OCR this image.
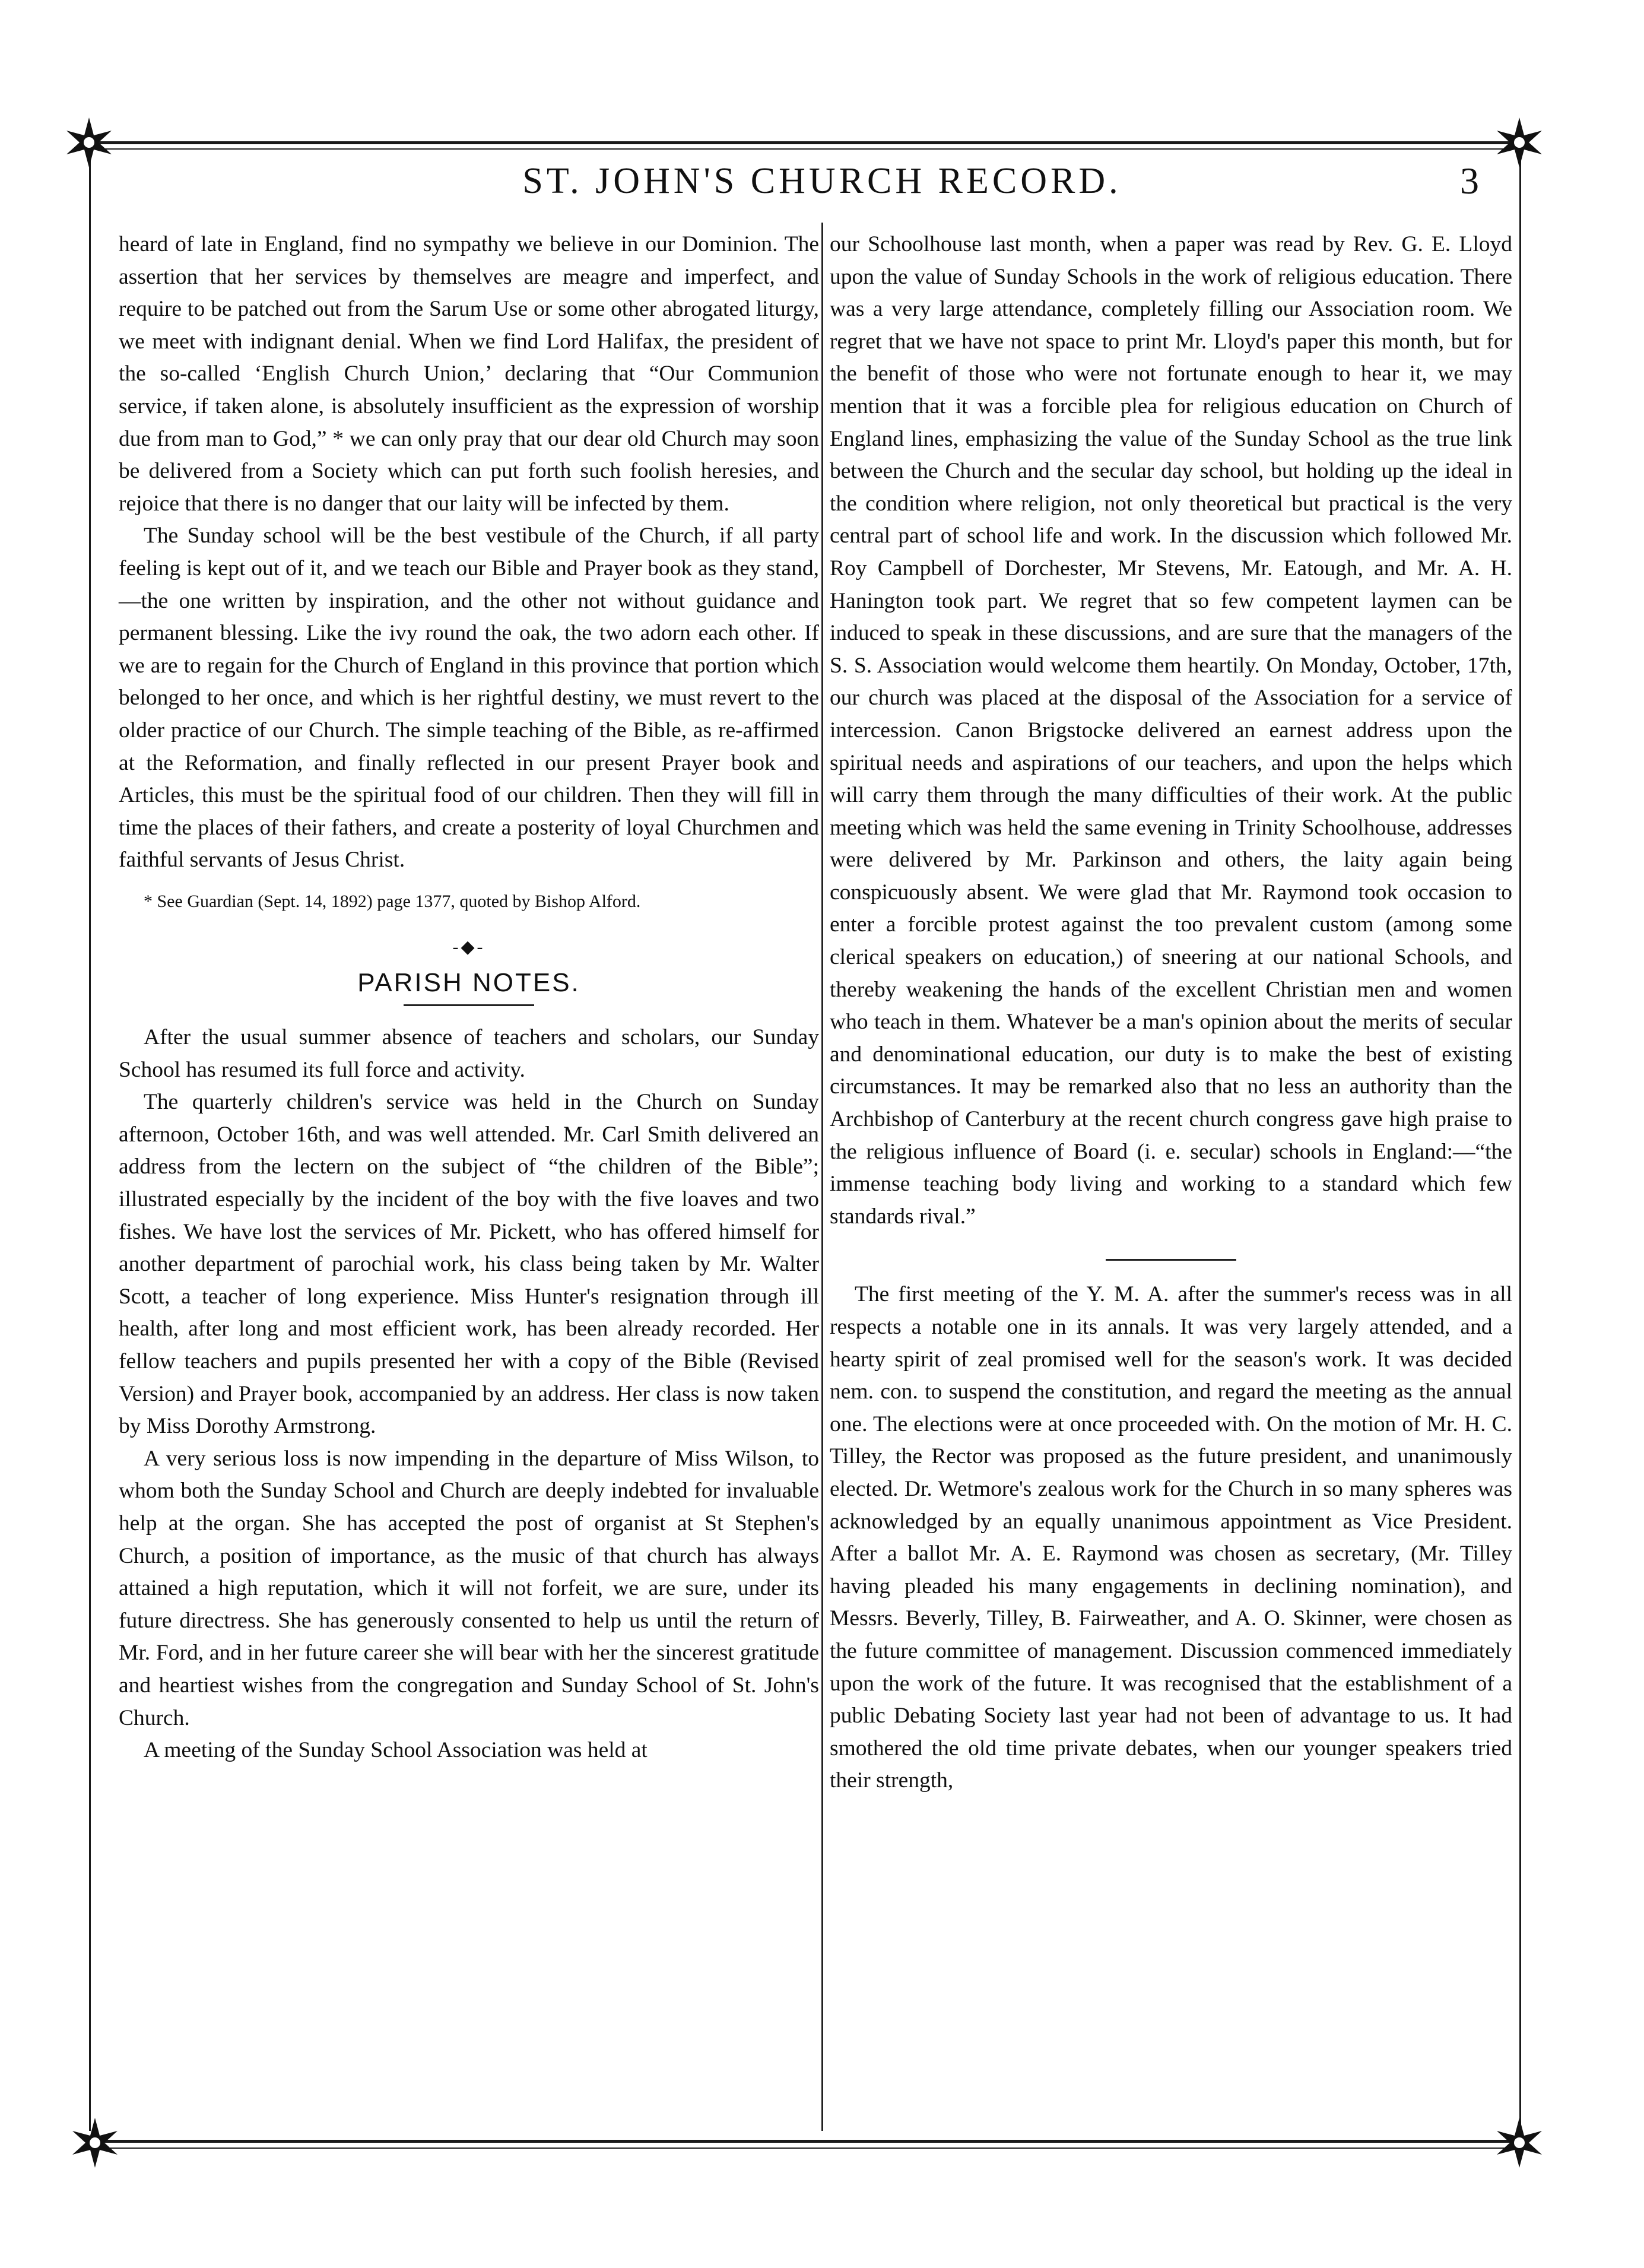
ST. JOHN'S CHURCH RECORD.	3

heard of late in England, find no sympathy we believe in our Dominion. The assertion that her services by themselves are meagre and imperfect, and require to be patched out from the Sarum Use or some other abrogated liturgy, we meet with indignant denial. When we find Lord Halifax, the president of the so-called ‘English Church Union,’ declaring that “Our Communion service, if taken alone, is absolutely insufficient as the expression of worship due from man to God,” * we can only pray that our dear old Church may soon be delivered from a Society which can put forth such foolish heresies, and rejoice that there is no danger that our laity will be infected by them.

The Sunday school will be the best vestibule of the Church, if all party feeling is kept out of it, and we teach our Bible and Prayer book as they stand,—the one written by inspiration, and the other not without guidance and permanent blessing. Like the ivy round the oak, the two adorn each other. If we are to regain for the Church of England in this province that portion which belonged to her once, and which is her rightful destiny, we must revert to the older practice of our Church. The simple teaching of the Bible, as re-affirmed at the Reformation, and finally reflected in our present Prayer book and Articles, this must be the spiritual food of our children. Then they will fill in time the places of their fathers, and create a posterity of loyal Churchmen and faithful servants of Jesus Christ.

* See Guardian (Sept. 14, 1892) page 1377, quoted by Bishop Alford.

-◆-
PARISH NOTES.

After the usual summer absence of teachers and scholars, our Sunday School has resumed its full force and activity.

The quarterly children's service was held in the Church on Sunday afternoon, October 16th, and was well attended. Mr. Carl Smith delivered an address from the lectern on the subject of “the children of the Bible”; illustrated especially by the incident of the boy with the five loaves and two fishes. We have lost the services of Mr. Pickett, who has offered himself for another department of parochial work, his class being taken by Mr. Walter Scott, a teacher of long experience. Miss Hunter's resignation through ill health, after long and most efficient work, has been already recorded. Her fellow teachers and pupils presented her with a copy of the Bible (Revised Version) and Prayer book, accompanied by an address. Her class is now taken by Miss Dorothy Armstrong.

A very serious loss is now impending in the departure of Miss Wilson, to whom both the Sunday School and Church are deeply indebted for invaluable help at the organ. She has accepted the post of organist at St Stephen's Church, a position of importance, as the music of that church has always attained a high reputation, which it will not forfeit, we are sure, under its future directress. She has generously consented to help us until the return of Mr. Ford, and in her future career she will bear with her the sincerest gratitude and heartiest wishes from the congregation and Sunday School of St. John's Church.

A meeting of the Sunday School Association was held at

our Schoolhouse last month, when a paper was read by Rev. G. E. Lloyd upon the value of Sunday Schools in the work of religious education. There was a very large attendance, completely filling our Association room. We regret that we have not space to print Mr. Lloyd's paper this month, but for the benefit of those who were not fortunate enough to hear it, we may mention that it was a forcible plea for religious education on Church of England lines, emphasizing the value of the Sunday School as the true link between the Church and the secular day school, but holding up the ideal in the condition where religion, not only theoretical but practical is the very central part of school life and work. In the discussion which followed Mr. Roy Campbell of Dorchester, Mr Stevens, Mr. Eatough, and Mr. A. H. Hanington took part. We regret that so few competent laymen can be induced to speak in these discussions, and are sure that the managers of the S. S. Association would welcome them heartily. On Monday, October, 17th, our church was placed at the disposal of the Association for a service of intercession. Canon Brigstocke delivered an earnest address upon the spiritual needs and aspirations of our teachers, and upon the helps which will carry them through the many difficulties of their work. At the public meeting which was held the same evening in Trinity Schoolhouse, addresses were delivered by Mr. Parkinson and others, the laity again being conspicuously absent. We were glad that Mr. Raymond took occasion to enter a forcible protest against the too prevalent custom (among some clerical speakers on education,) of sneering at our national Schools, and thereby weakening the hands of the excellent Christian men and women who teach in them. Whatever be a man's opinion about the merits of secular and denominational education, our duty is to make the best of existing circumstances. It may be remarked also that no less an authority than the Archbishop of Canterbury at the recent church congress gave high praise to the religious influence of Board (i. e. secular) schools in England:—“the immense teaching body living and working to a standard which few standards rival.”

The first meeting of the Y. M. A. after the summer's recess was in all respects a notable one in its annals. It was very largely attended, and a hearty spirit of zeal promised well for the season's work. It was decided nem. con. to suspend the constitution, and regard the meeting as the annual one. The elections were at once proceeded with. On the motion of Mr. H. C. Tilley, the Rector was proposed as the future president, and unanimously elected. Dr. Wetmore's zealous work for the Church in so many spheres was acknowledged by an equally unanimous appointment as Vice President. After a ballot Mr. A. E. Raymond was chosen as secretary, (Mr. Tilley having pleaded his many engagements in declining nomination), and Messrs. Beverly, Tilley, B. Fairweather, and A. O. Skinner, were chosen as the future committee of management. Discussion commenced immediately upon the work of the future. It was recognised that the establishment of a public Debating Society last year had not been of advantage to us. It had smothered the old time private debates, when our younger speakers tried their strength,
